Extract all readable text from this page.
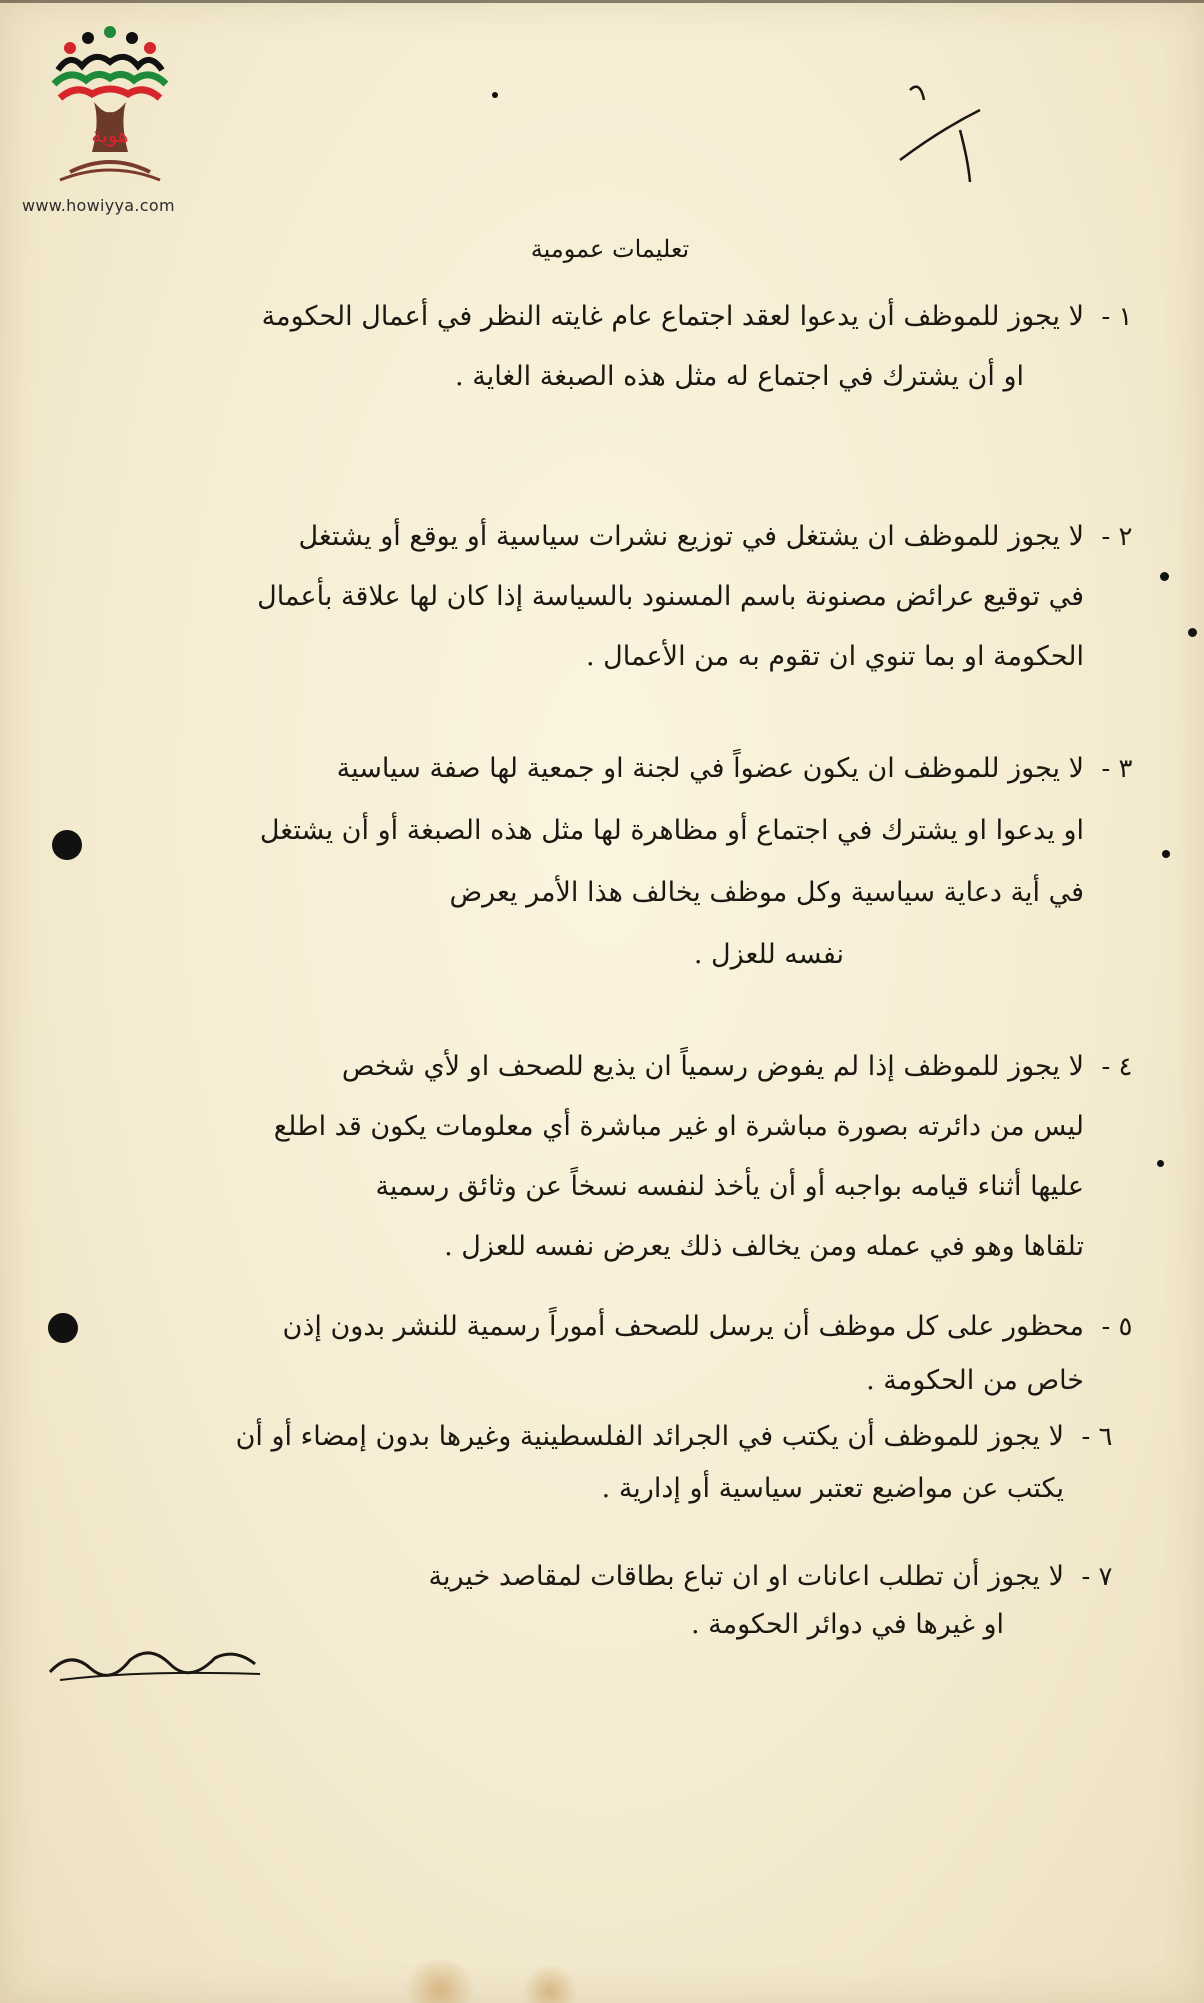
هوية
www.howiyya.com
تعليمات عمومية
١ -
لا يجوز للموظف أن يدعوا لعقد اجتماع عام غايته النظر في أعمال الحكومة
او أن يشترك في اجتماع له مثل هذه الصبغة الغاية .
٢ -
لا يجوز للموظف ان يشتغل في توزيع نشرات سياسية أو يوقع أو يشتغل
في توقيع عرائض مصنونة باسم المسنود بالسياسة إذا كان لها علاقة بأعمال
الحكومة او بما تنوي ان تقوم به من الأعمال .
٣ -
لا يجوز للموظف ان يكون عضواً في لجنة او جمعية لها صفة سياسية
او يدعوا او يشترك في اجتماع أو مظاهرة لها مثل هذه الصبغة أو أن يشتغل
في أية دعاية سياسية وكل موظف يخالف هذا الأمر يعرض
نفسه للعزل .
٤ -
لا يجوز للموظف إذا لم يفوض رسمياً ان يذيع للصحف او لأي شخص
ليس من دائرته بصورة مباشرة او غير مباشرة أي معلومات يكون قد اطلع
عليها أثناء قيامه بواجبه أو أن يأخذ لنفسه نسخاً عن وثائق رسمية
تلقاها وهو في عمله ومن يخالف ذلك يعرض نفسه للعزل .
٥ -
محظور على كل موظف أن يرسل للصحف أموراً رسمية للنشر بدون إذن
خاص من الحكومة .
٦ -
لا يجوز للموظف أن يكتب في الجرائد الفلسطينية وغيرها بدون إمضاء أو أن
يكتب عن مواضيع تعتبر سياسية أو إدارية .
٧ -
لا يجوز أن تطلب اعانات او ان تباع بطاقات لمقاصد خيرية
او غيرها في دوائر الحكومة .
